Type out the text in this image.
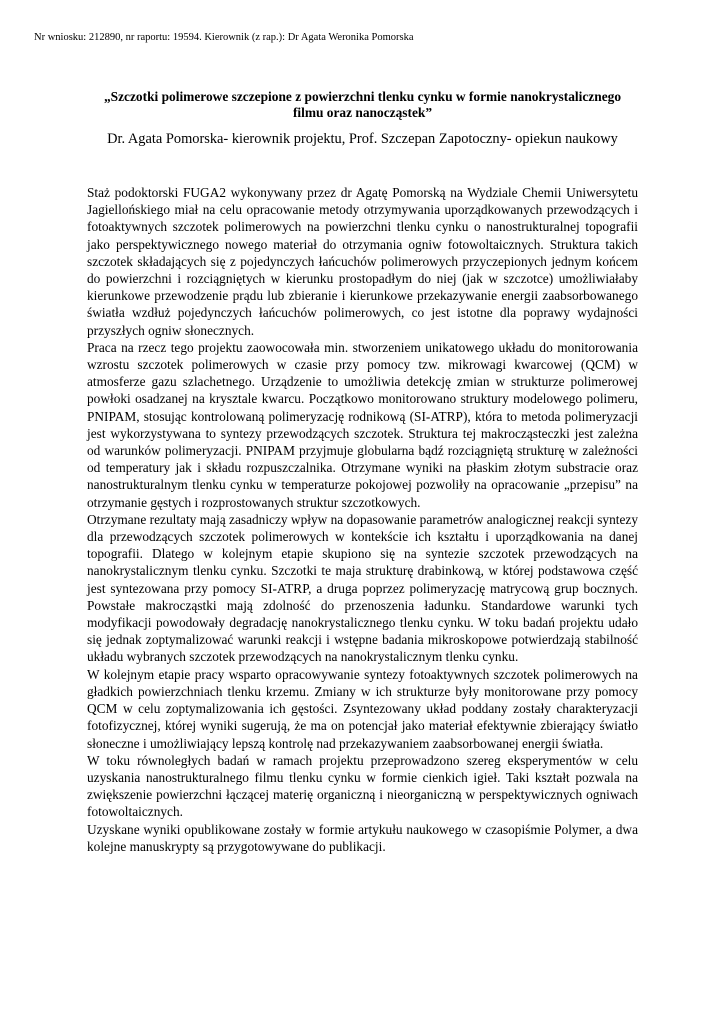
Nr wniosku: 212890, nr raportu: 19594. Kierownik (z rap.): Dr Agata Weronika Pomorska
„Szczotki polimerowe szczepione z powierzchni tlenku cynku w formie nanokrystalicznego filmu oraz nanocząstek”
Dr. Agata Pomorska- kierownik projektu, Prof. Szczepan Zapotoczny- opiekun naukowy

Staż podoktorski FUGA2 wykonywany przez dr Agatę Pomorską na Wydziale Chemii Uniwersytetu Jagiellońskiego miał na celu opracowanie metody otrzymywania uporządkowanych przewodzących i fotoaktywnych szczotek polimerowych na powierzchni tlenku cynku o nanostrukturalnej topografii jako perspektywicznego nowego materiał do otrzymania ogniw fotowoltaicznych. Struktura takich szczotek składających się z pojedynczych łańcuchów polimerowych przyczepionych jednym końcem do powierzchni i rozciągniętych w kierunku prostopadłym do niej (jak w szczotce) umożliwiałaby kierunkowe przewodzenie prądu lub zbieranie i kierunkowe przekazywanie energii zaabsorbowanego światła wzdłuż pojedynczych łańcuchów polimerowych, co jest istotne dla poprawy wydajności przyszłych ogniw słonecznych.

Praca na rzecz tego projektu zaowocowała min. stworzeniem unikatowego układu do monitorowania wzrostu szczotek polimerowych w czasie przy pomocy tzw. mikrowagi kwarcowej (QCM) w atmosferze gazu szlachetnego. Urządzenie to umożliwia detekcję zmian w strukturze polimerowej powłoki osadzanej na krysztale kwarcu. Początkowo monitorowano struktury modelowego polimeru, PNIPAM, stosując kontrolowaną polimeryzację rodnikową (SI-ATRP), która to metoda polimeryzacji jest wykorzystywana to syntezy przewodzących szczotek. Struktura tej makrocząsteczki jest zależna od warunków polimeryzacji. PNIPAM przyjmuje globularna bądź rozciągniętą strukturę w zależności od temperatury jak i składu rozpuszczalnika. Otrzymane wyniki na płaskim złotym substracie oraz nanostrukturalnym tlenku cynku w temperaturze pokojowej pozwoliły na opracowanie „przepisu” na otrzymanie gęstych i rozprostowanych struktur szczotkowych.

Otrzymane rezultaty mają zasadniczy wpływ na dopasowanie parametrów analogicznej reakcji syntezy dla przewodzących szczotek polimerowych w kontekście ich kształtu i uporządkowania na danej topografii. Dlatego w kolejnym etapie skupiono się na syntezie szczotek przewodzących na nanokrystalicznym tlenku cynku. Szczotki te maja strukturę drabinkową, w której podstawowa część jest syntezowana przy pomocy SI-ATRP, a druga poprzez polimeryzację matrycową grup bocznych. Powstałe makrocząstki mają zdolność do przenoszenia ładunku. Standardowe warunki tych modyfikacji powodowały degradację nanokrystalicznego tlenku cynku. W toku badań projektu udało się jednak zoptymalizować warunki reakcji i wstępne badania mikroskopowe potwierdzają stabilność układu wybranych szczotek przewodzących na nanokrystalicznym tlenku cynku.

W kolejnym etapie pracy wsparto opracowywanie syntezy fotoaktywnych szczotek polimerowych na gładkich powierzchniach tlenku krzemu. Zmiany w ich strukturze były monitorowane przy pomocy QCM w celu zoptymalizowania ich gęstości. Zsyntezowany układ poddany zostały charakteryzacji fotofizycznej, której wyniki sugerują, że ma on potencjał jako materiał efektywnie zbierający światło słoneczne i umożliwiający lepszą kontrolę nad przekazywaniem zaabsorbowanej energii światła.

W toku równoległych badań w ramach projektu przeprowadzono szereg eksperymentów w celu uzyskania nanostrukturalnego filmu tlenku cynku w formie cienkich igieł. Taki kształt pozwala na zwiększenie powierzchni łączącej materię organiczną i nieorganiczną w perspektywicznych ogniwach fotowoltaicznych.

Uzyskane wyniki opublikowane zostały w formie artykułu naukowego w czasopiśmie Polymer, a dwa kolejne manuskrypty są przygotowywane do publikacji.
